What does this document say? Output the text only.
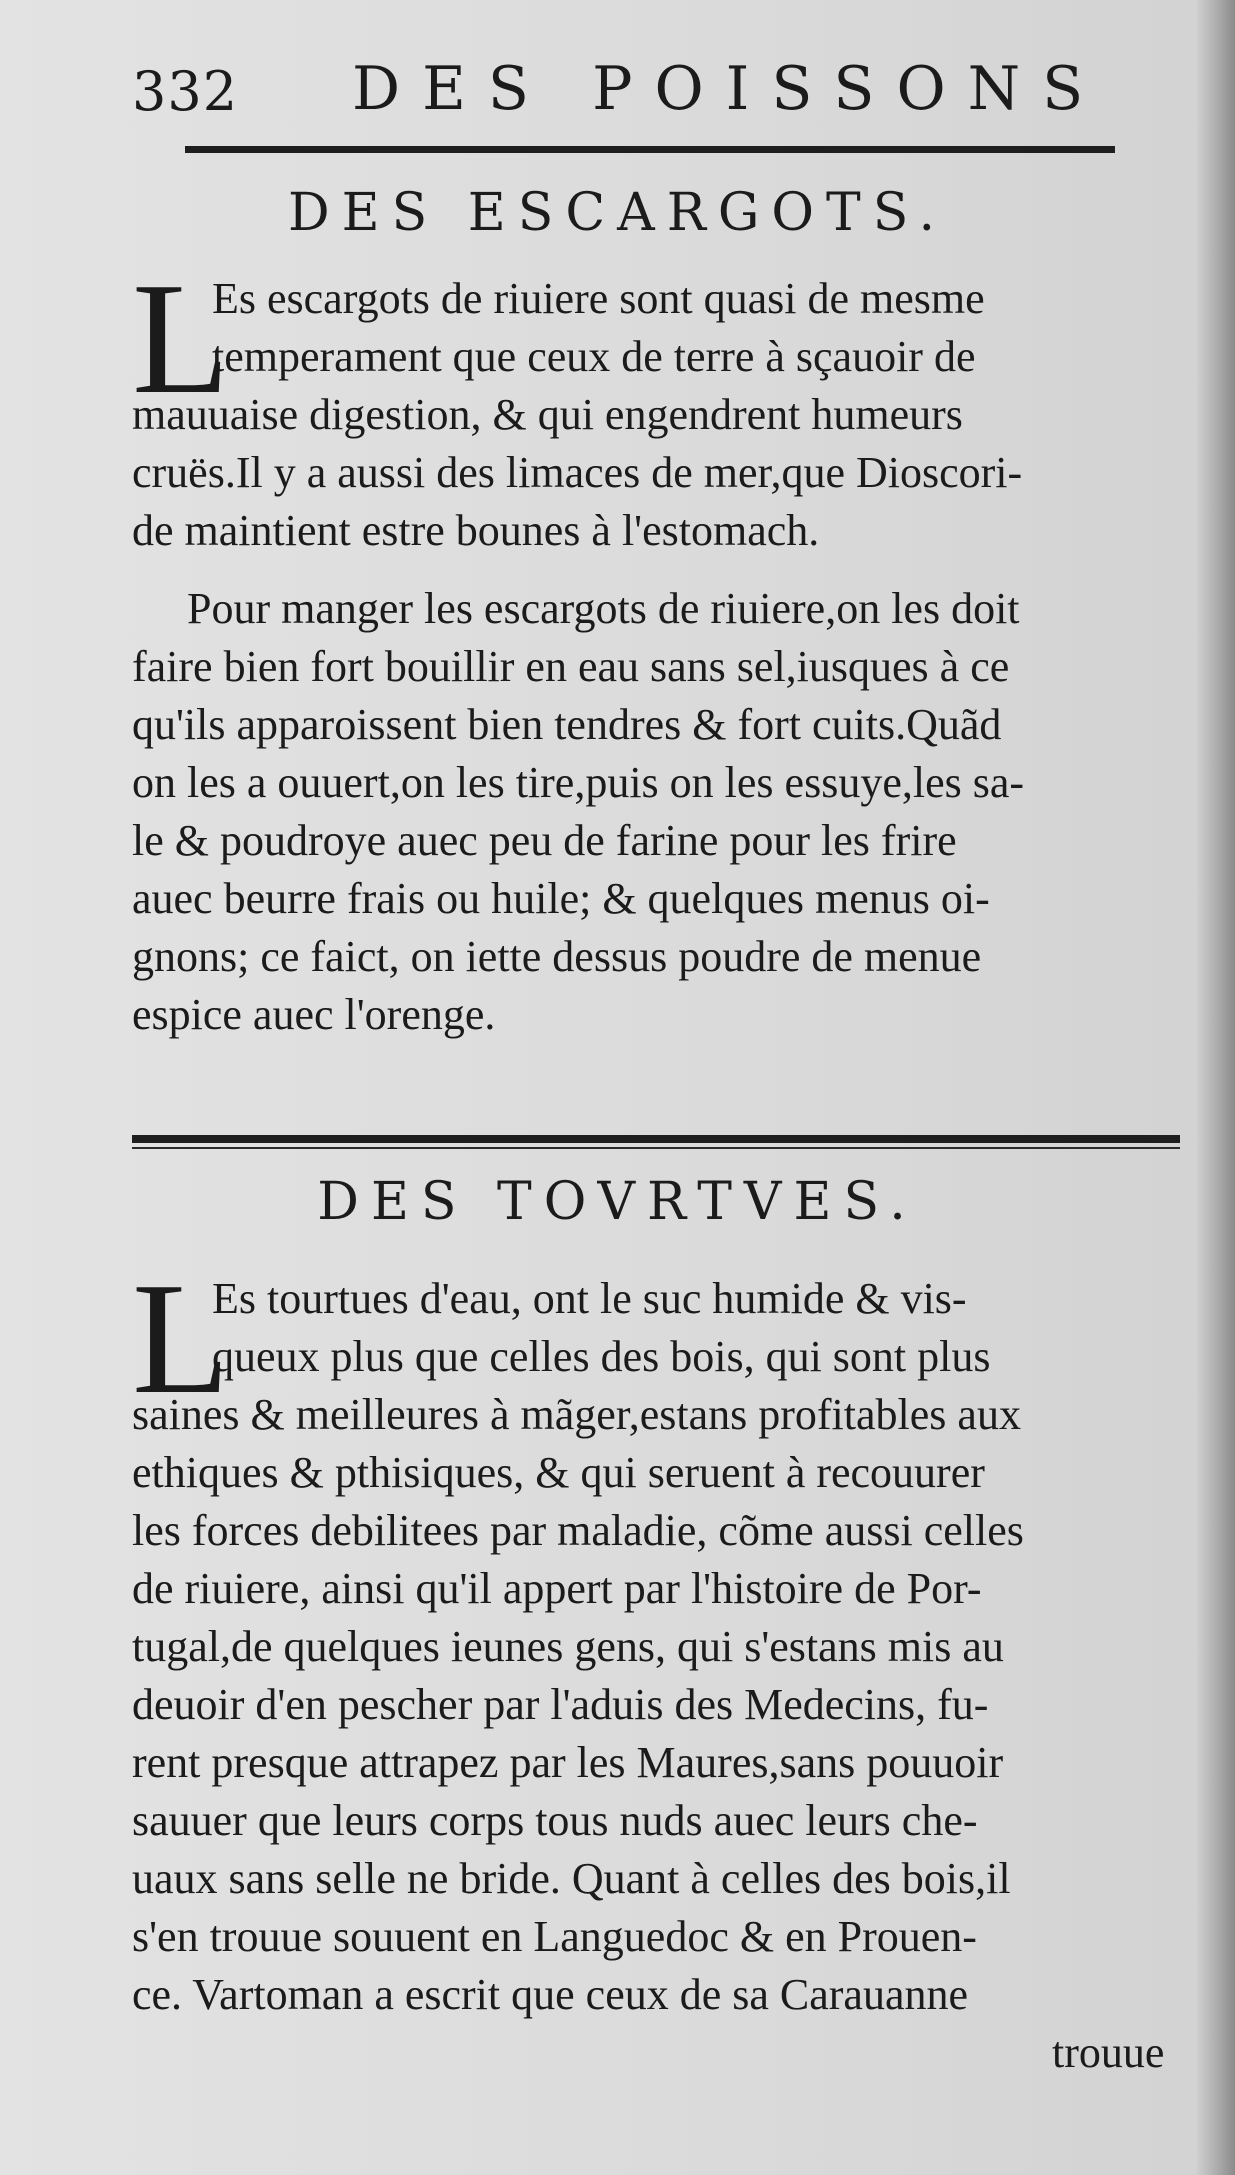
332 DES POISSONS
DES ESCARGOTS.
L
Es escargots de riuiere sont quasi de mesme
temperament que ceux de terre à sçauoir de
mauuaise digestion, & qui engendrent humeurs
cruës.Il y a aussi des limaces de mer,que Dioscori-
de maintient estre bounes à l'estomach.
Pour manger les escargots de riuiere,on les doit
faire bien fort bouillir en eau sans sel,iusques à ce
qu'ils apparoissent bien tendres & fort cuits.Quãd
on les a ouuert,on les tire,puis on les essuye,les sa-
le & poudroye auec peu de farine pour les frire
auec beurre frais ou huile; & quelques menus oi-
gnons; ce faict, on iette dessus poudre de menue
espice auec l'orenge.
DES TOVRTVES.
L
Es tourtues d'eau, ont le suc humide & vis-
queux plus que celles des bois, qui sont plus
saines & meilleures à mãger,estans profitables aux
ethiques & pthisiques, & qui seruent à recouurer
les forces debilitees par maladie, cõme aussi celles
de riuiere, ainsi qu'il appert par l'histoire de Por-
tugal,de quelques ieunes gens, qui s'estans mis au
deuoir d'en pescher par l'aduis des Medecins, fu-
rent presque attrapez par les Maures,sans pouuoir
sauuer que leurs corps tous nuds auec leurs che-
uaux sans selle ne bride. Quant à celles des bois,il
s'en trouue souuent en Languedoc & en Prouen-
ce. Vartoman a escrit que ceux de sa Carauanne
trouue
